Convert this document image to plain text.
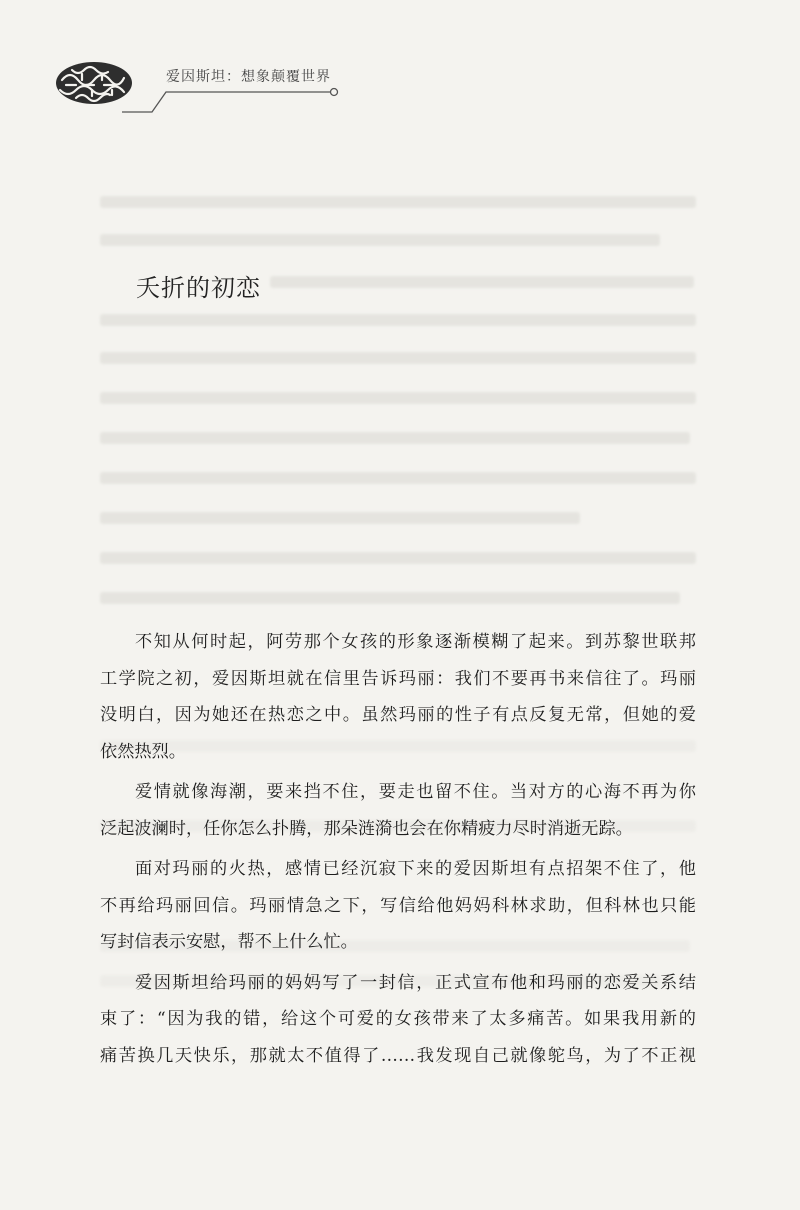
爱因斯坦：想象颠覆世界
夭折的初恋
不知从何时起，阿劳那个女孩的形象逐渐模糊了起来。到苏黎世联邦
工学院之初，爱因斯坦就在信里告诉玛丽：我们不要再书来信往了。玛丽
没明白，因为她还在热恋之中。虽然玛丽的性子有点反复无常，但她的爱
依然热烈。
爱情就像海潮，要来挡不住，要走也留不住。当对方的心海不再为你
泛起波澜时，任你怎么扑腾，那朵涟漪也会在你精疲力尽时消逝无踪。
面对玛丽的火热，感情已经沉寂下来的爱因斯坦有点招架不住了，他
不再给玛丽回信。玛丽情急之下，写信给他妈妈科林求助，但科林也只能
写封信表示安慰，帮不上什么忙。
爱因斯坦给玛丽的妈妈写了一封信，正式宣布他和玛丽的恋爱关系结
束了：“因为我的错，给这个可爱的女孩带来了太多痛苦。如果我用新的
痛苦换几天快乐，那就太不值得了……我发现自己就像鸵鸟，为了不正视
